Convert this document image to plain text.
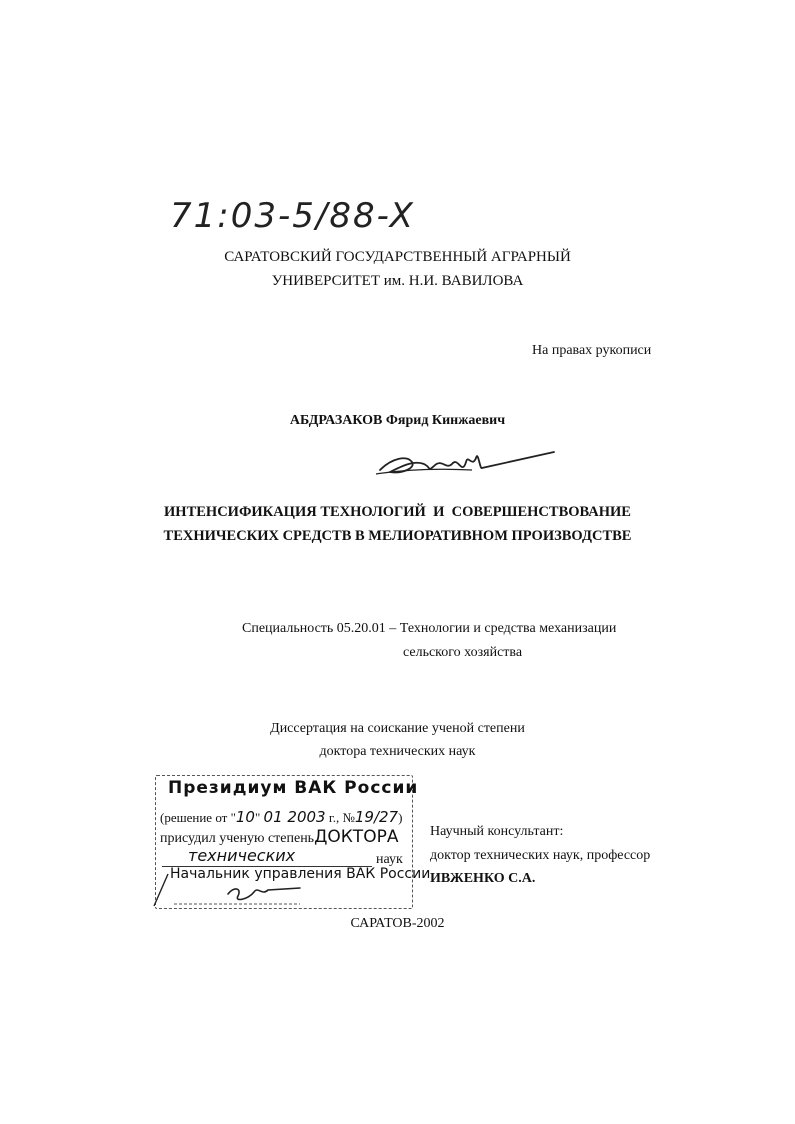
71:03-5/88-X
САРАТОВСКИЙ ГОСУДАРСТВЕННЫЙ АГРАРНЫЙ
УНИВЕРСИТЕТ им. Н.И. ВАВИЛОВА
На правах рукописи
АБДРАЗАКОВ Фярид Кинжаевич
ИНТЕНСИФИКАЦИЯ ТЕХНОЛОГИЙ  И  СОВЕРШЕНСТВОВАНИЕ
ТЕХНИЧЕСКИХ СРЕДСТВ В МЕЛИОРАТИВНОМ ПРОИЗВОДСТВЕ
Специальность 05.20.01 – Технологии и средства механизации
сельского хозяйства
Диссертация на соискание ученой степени
доктора технических наук
Президиум ВАК России
(решение от "10" 01 2003 г., №19/27)
присудил ученую степеньДОКТОРА
технических	наук
Начальник управления ВАК России
Научный консультант:
доктор технических наук, профессор
ИВЖЕНКО С.А.
САРАТОВ-2002
